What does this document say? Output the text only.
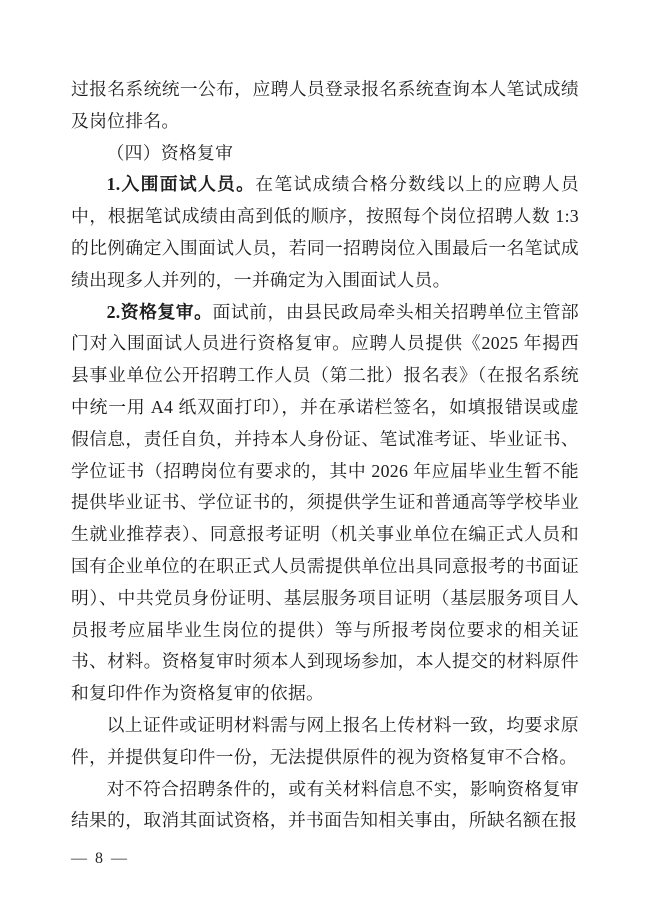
过报名系统统一公布，应聘人员登录报名系统查询本人笔试成绩及岗位排名。

（四）资格复审

1.入围面试人员。在笔试成绩合格分数线以上的应聘人员中，根据笔试成绩由高到低的顺序，按照每个岗位招聘人数 1:3 的比例确定入围面试人员，若同一招聘岗位入围最后一名笔试成绩出现多人并列的，一并确定为入围面试人员。

2.资格复审。面试前，由县民政局牵头相关招聘单位主管部门对入围面试人员进行资格复审。应聘人员提供《2025 年揭西县事业单位公开招聘工作人员（第二批）报名表》（在报名系统中统一用 A4 纸双面打印），并在承诺栏签名，如填报错误或虚假信息，责任自负，并持本人身份证、笔试准考证、毕业证书、学位证书（招聘岗位有要求的，其中 2026 年应届毕业生暂不能提供毕业证书、学位证书的，须提供学生证和普通高等学校毕业生就业推荐表）、同意报考证明（机关事业单位在编正式人员和国有企业单位的在职正式人员需提供单位出具同意报考的书面证明）、中共党员身份证明、基层服务项目证明（基层服务项目人员报考应届毕业生岗位的提供）等与所报考岗位要求的相关证书、材料。资格复审时须本人到现场参加，本人提交的材料原件和复印件作为资格复审的依据。

以上证件或证明材料需与网上报名上传材料一致，均要求原件，并提供复印件一份，无法提供原件的视为资格复审不合格。

对不符合招聘条件的，或有关材料信息不实，影响资格复审结果的，取消其面试资格，并书面告知相关事由，所缺名额在报

— 8 —
